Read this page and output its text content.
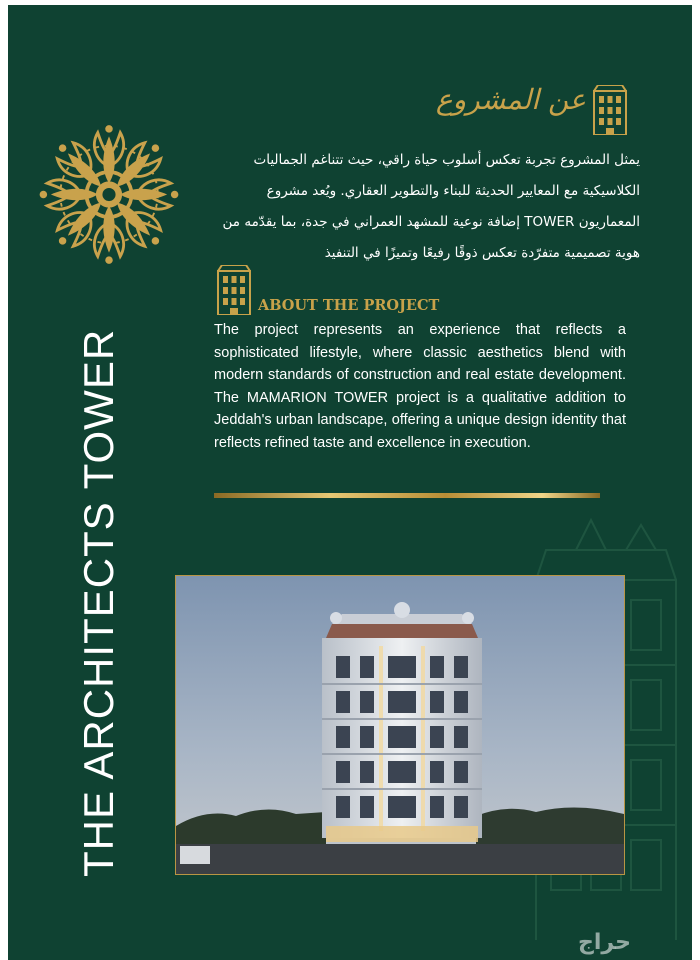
THE ARCHITECTS TOWER
عن المشروع
يمثل المشروع تجربة تعكس أسلوب حياة راقي، حيث تتناغم الجماليات الكلاسيكية مع المعايير الحديثة للبناء والتطوير العقاري. ويُعد مشروع المعماريون TOWER إضافة نوعية للمشهد العمراني في جدة، بما يقدّمه من هوية تصميمية متفرّدة تعكس ذوقًا رفيعًا وتميزًا في التنفيذ
ABOUT THE PROJECT
The project represents an experience that reflects a sophisticated lifestyle, where classic aesthetics blend with modern standards of construction and real estate development. The MAMARION TOWER project is a qualitative addition to Jeddah's urban landscape, offering a unique design identity that reflects refined taste and excellence in execution.
حراج
